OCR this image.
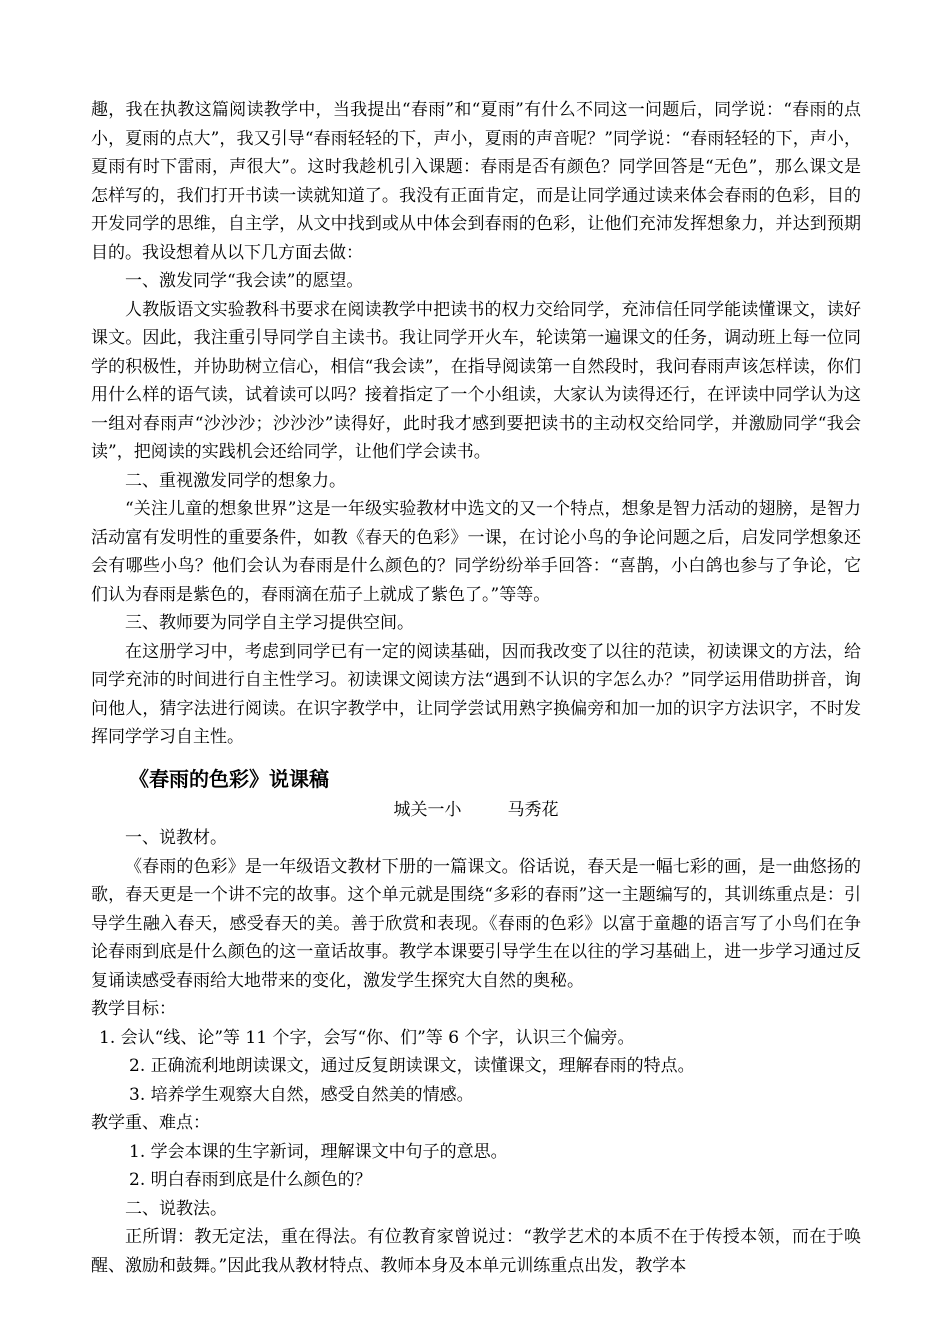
趣，我在执教这篇阅读教学中，当我提出“春雨”和“夏雨”有什么不同这一问题后，同学说：“春雨的点小，夏雨的点大”，我又引导“春雨轻轻的下，声小，夏雨的声音呢？”同学说：“春雨轻轻的下，声小，夏雨有时下雷雨，声很大”。这时我趁机引入课题：春雨是否有颜色？同学回答是“无色”，那么课文是怎样写的，我们打开书读一读就知道了。我没有正面肯定，而是让同学通过读来体会春雨的色彩，目的开发同学的思维，自主学，从文中找到或从中体会到春雨的色彩，让他们充沛发挥想象力，并达到预期目的。我设想着从以下几方面去做：

一、激发同学“我会读”的愿望。

人教版语文实验教科书要求在阅读教学中把读书的权力交给同学，充沛信任同学能读懂课文，读好课文。因此，我注重引导同学自主读书。我让同学开火车，轮读第一遍课文的任务，调动班上每一位同学的积极性，并协助树立信心，相信“我会读”，在指导阅读第一自然段时，我问春雨声该怎样读，你们用什么样的语气读，试着读可以吗？接着指定了一个小组读，大家认为读得还行，在评读中同学认为这一组对春雨声“沙沙沙；沙沙沙”读得好，此时我才感到要把读书的主动权交给同学，并激励同学“我会读”，把阅读的实践机会还给同学，让他们学会读书。

二、重视激发同学的想象力。

“关注儿童的想象世界”这是一年级实验教材中选文的又一个特点，想象是智力活动的翅膀，是智力活动富有发明性的重要条件，如教《春天的色彩》一课，在讨论小鸟的争论问题之后，启发同学想象还会有哪些小鸟？他们会认为春雨是什么颜色的？同学纷纷举手回答：“喜鹊，小白鸽也参与了争论，它们认为春雨是紫色的，春雨滴在茄子上就成了紫色了。”等等。

三、教师要为同学自主学习提供空间。

在这册学习中，考虑到同学已有一定的阅读基础，因而我改变了以往的范读，初读课文的方法，给同学充沛的时间进行自主性学习。初读课文阅读方法“遇到不认识的字怎么办？”同学运用借助拼音，询问他人，猜字法进行阅读。在识字教学中，让同学尝试用熟字换偏旁和加一加的识字方法识字，不时发挥同学学习自主性。

《春雨的色彩》说课稿

城关一小	马秀花

一、说教材。

《春雨的色彩》是一年级语文教材下册的一篇课文。俗话说，春天是一幅七彩的画，是一曲悠扬的歌，春天更是一个讲不完的故事。这个单元就是围绕“多彩的春雨”这一主题编写的，其训练重点是：引导学生融入春天，感受春天的美。善于欣赏和表现。《春雨的色彩》以富于童趣的语言写了小鸟们在争论春雨到底是什么颜色的这一童话故事。教学本课要引导学生在以往的学习基础上，进一步学习通过反复诵读感受春雨给大地带来的变化，激发学生探究大自然的奥秘。

教学目标：

1. 会认“线、论”等 11 个字，会写“你、们”等 6 个字，认识三个偏旁。

2. 正确流利地朗读课文，通过反复朗读课文，读懂课文，理解春雨的特点。

3. 培养学生观察大自然，感受自然美的情感。

教学重、难点：

1. 学会本课的生字新词，理解课文中句子的意思。

2. 明白春雨到底是什么颜色的？

二、说教法。

正所谓：教无定法，重在得法。有位教育家曾说过：“教学艺术的本质不在于传授本领，而在于唤醒、激励和鼓舞。”因此我从教材特点、教师本身及本单元训练重点出发，教学本
